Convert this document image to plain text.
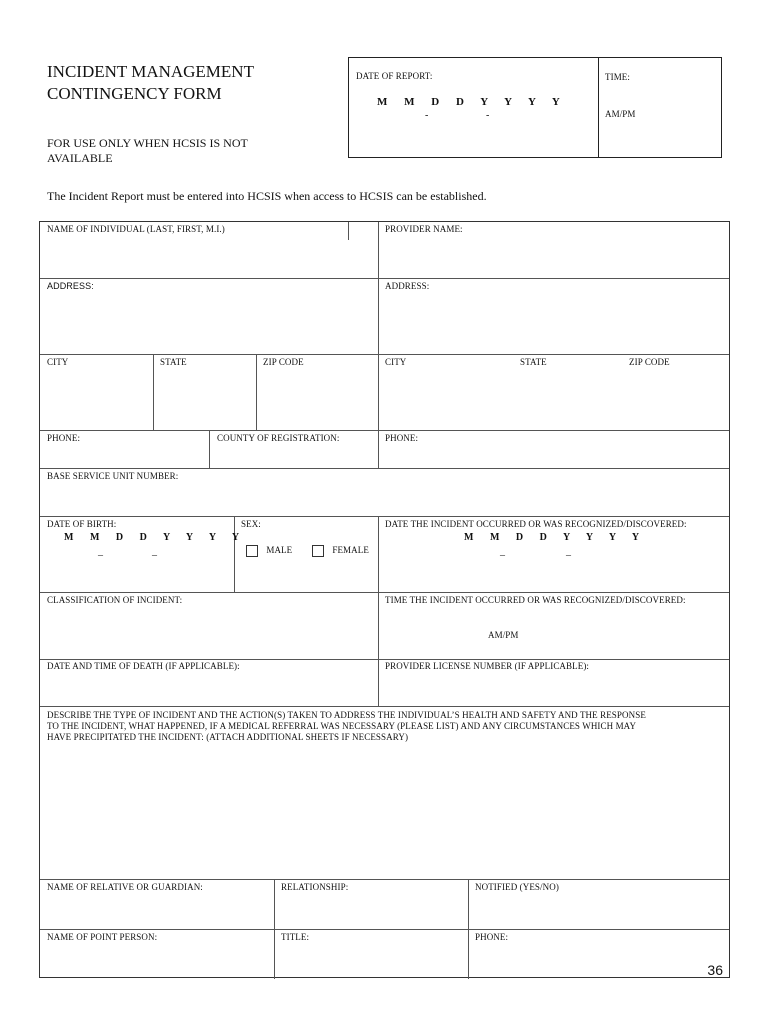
INCIDENT MANAGEMENT
CONTINGENCY FORM
FOR USE ONLY WHEN HCSIS IS NOT
AVAILABLE
The Incident Report must be entered into HCSIS when access to HCSIS can be established.
DATE OF REPORT:
M M D D Y Y Y Y
-	-
TIME:
AM/PM
NAME OF INDIVIDUAL (LAST, FIRST, M.I.)	PROVIDER NAME:
ADDRESS:	ADDRESS:
CITY	STATE	ZIP CODE	CITY	STATE	ZIP CODE
PHONE:	COUNTY OF REGISTRATION:	PHONE:
BASE SERVICE UNIT NUMBER:
DATE OF BIRTH:
M M D D Y Y Y Y
_	_
SEX:
MALE	FEMALE
DATE THE INCIDENT OCCURRED OR WAS RECOGNIZED/DISCOVERED:
M M D D Y Y Y Y
_	_
CLASSIFICATION OF INCIDENT:	TIME THE INCIDENT OCCURRED OR WAS RECOGNIZED/DISCOVERED:
AM/PM
DATE AND TIME OF DEATH (IF APPLICABLE):	PROVIDER LICENSE NUMBER (IF APPLICABLE):
DESCRIBE THE TYPE OF INCIDENT AND THE ACTION(S) TAKEN TO ADDRESS THE INDIVIDUAL’S HEALTH AND SAFETY AND THE RESPONSE
TO THE INCIDENT, WHAT HAPPENED, IF A MEDICAL REFERRAL WAS NECESSARY (PLEASE LIST) AND ANY CIRCUMSTANCES WHICH MAY
HAVE PRECIPITATED THE INCIDENT: (ATTACH ADDITIONAL SHEETS IF NECESSARY)
NAME OF RELATIVE OR GUARDIAN:	RELATIONSHIP:	NOTIFIED (YES/NO)
NAME OF POINT PERSON:	TITLE:	PHONE:
36
